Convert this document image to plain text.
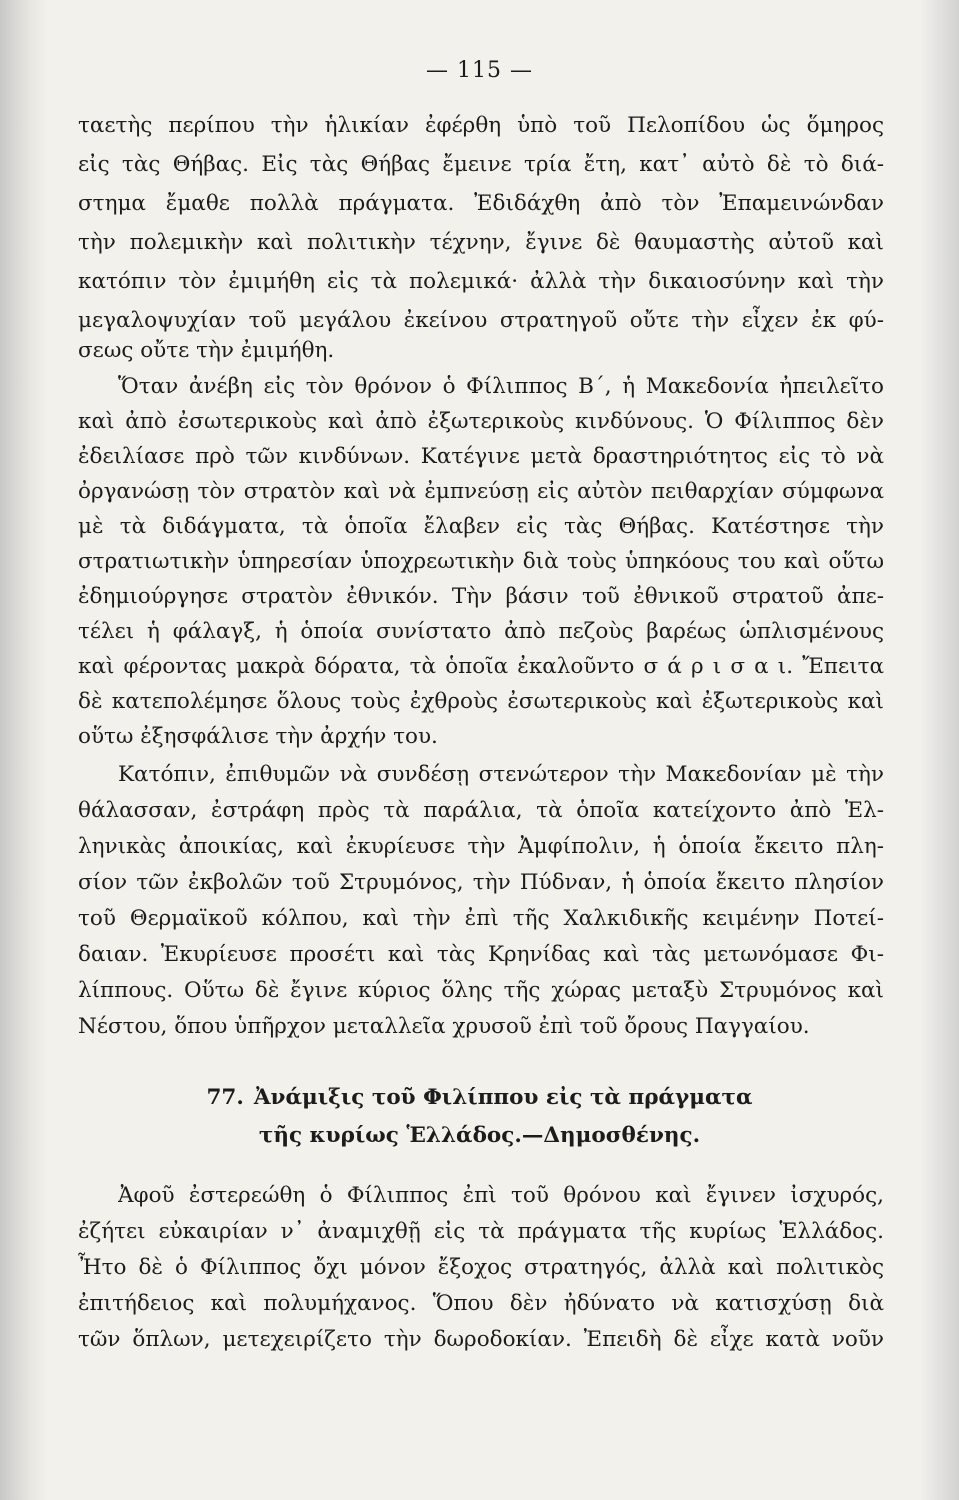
— 115 —
ταετὴς περίπου τὴν ἡλικίαν ἐφέρθη ὑπὸ τοῦ Πελοπίδου ὡς ὅμηρος
εἰς τὰς Θήβας. Εἰς τὰς Θήβας ἔμεινε τρία ἔτη, κατ᾽ αὐτὸ δὲ τὸ διά-
στημα ἔμαθε πολλὰ πράγματα. Ἐδιδάχθη ἀπὸ τὸν Ἐπαμεινώνδαν
τὴν πολεμικὴν καὶ πολιτικὴν τέχνην, ἔγινε δὲ θαυμαστὴς αὐτοῦ καὶ
κατόπιν τὸν ἐμιμήθη εἰς τὰ πολεμικά· ἀλλὰ τὴν δικαιοσύνην καὶ τὴν
μεγαλοψυχίαν τοῦ μεγάλου ἐκείνου στρατηγοῦ οὔτε τὴν εἶχεν ἐκ φύ-
σεως οὔτε τὴν ἐμιμήθη.
Ὅταν ἀνέβη εἰς τὸν θρόνον ὁ Φίλιππος Β΄, ἡ Μακεδονία ἠπειλεῖτο
καὶ ἀπὸ ἐσωτερικοὺς καὶ ἀπὸ ἐξωτερικοὺς κινδύνους. Ὁ Φίλιππος δὲν
ἐδειλίασε πρὸ τῶν κινδύνων. Κατέγινε μετὰ δραστηριότητος εἰς τὸ νὰ
ὀργανώσῃ τὸν στρατὸν καὶ νὰ ἐμπνεύσῃ εἰς αὐτὸν πειθαρχίαν σύμφωνα
μὲ τὰ διδάγματα, τὰ ὁποῖα ἔλαβεν εἰς τὰς Θήβας. Κατέστησε τὴν
στρατιωτικὴν ὑπηρεσίαν ὑποχρεωτικὴν διὰ τοὺς ὑπηκόους του καὶ οὕτω
ἐδημιούργησε στρατὸν ἐθνικόν. Τὴν βάσιν τοῦ ἐθνικοῦ στρατοῦ ἀπε-
τέλει ἡ φάλαγξ, ἡ ὁποία συνίστατο ἀπὸ πεζοὺς βαρέως ὡπλισμένους
καὶ φέροντας μακρὰ δόρατα, τὰ ὁποῖα ἐκαλοῦντο σ ά ρ ι σ α ι. Ἔπειτα
δὲ κατεπολέμησε ὅλους τοὺς ἐχθροὺς ἐσωτερικοὺς καὶ ἐξωτερικοὺς καὶ
οὕτω ἐξησφάλισε τὴν ἀρχήν του.
Κατόπιν, ἐπιθυμῶν νὰ συνδέσῃ στενώτερον τὴν Μακεδονίαν μὲ τὴν
θάλασσαν, ἐστράφη πρὸς τὰ παράλια, τὰ ὁποῖα κατείχοντο ἀπὸ Ἑλ-
ληνικὰς ἀποικίας, καὶ ἐκυρίευσε τὴν Ἀμφίπολιν, ἡ ὁποία ἔκειτο πλη-
σίον τῶν ἐκβολῶν τοῦ Στρυμόνος, τὴν Πύδναν, ἡ ὁποία ἔκειτο πλησίον
τοῦ Θερμαϊκοῦ κόλπου, καὶ τὴν ἐπὶ τῆς Χαλκιδικῆς κειμένην Ποτεί-
δαιαν. Ἐκυρίευσε προσέτι καὶ τὰς Κρηνίδας καὶ τὰς μετωνόμασε Φι-
λίππους. Οὕτω δὲ ἔγινε κύριος ὅλης τῆς χώρας μεταξὺ Στρυμόνος καὶ
Νέστου, ὅπου ὑπῆρχον μεταλλεῖα χρυσοῦ ἐπὶ τοῦ ὄρους Παγγαίου.
77. Ἀνάμιξις τοῦ Φιλίππου εἰς τὰ πράγματα
τῆς κυρίως Ἑλλάδος.—Δημοσθένης.
Ἀφοῦ ἐστερεώθη ὁ Φίλιππος ἐπὶ τοῦ θρόνου καὶ ἔγινεν ἰσχυρός,
ἐζήτει εὐκαιρίαν ν᾽ ἀναμιχθῇ εἰς τὰ πράγματα τῆς κυρίως Ἑλλάδος.
Ἦτο δὲ ὁ Φίλιππος ὄχι μόνον ἔξοχος στρατηγός, ἀλλὰ καὶ πολιτικὸς
ἐπιτήδειος καὶ πολυμήχανος. Ὅπου δὲν ἠδύνατο νὰ κατισχύσῃ διὰ
τῶν ὅπλων, μετεχειρίζετο τὴν δωροδοκίαν. Ἐπειδὴ δὲ εἶχε κατὰ νοῦν
